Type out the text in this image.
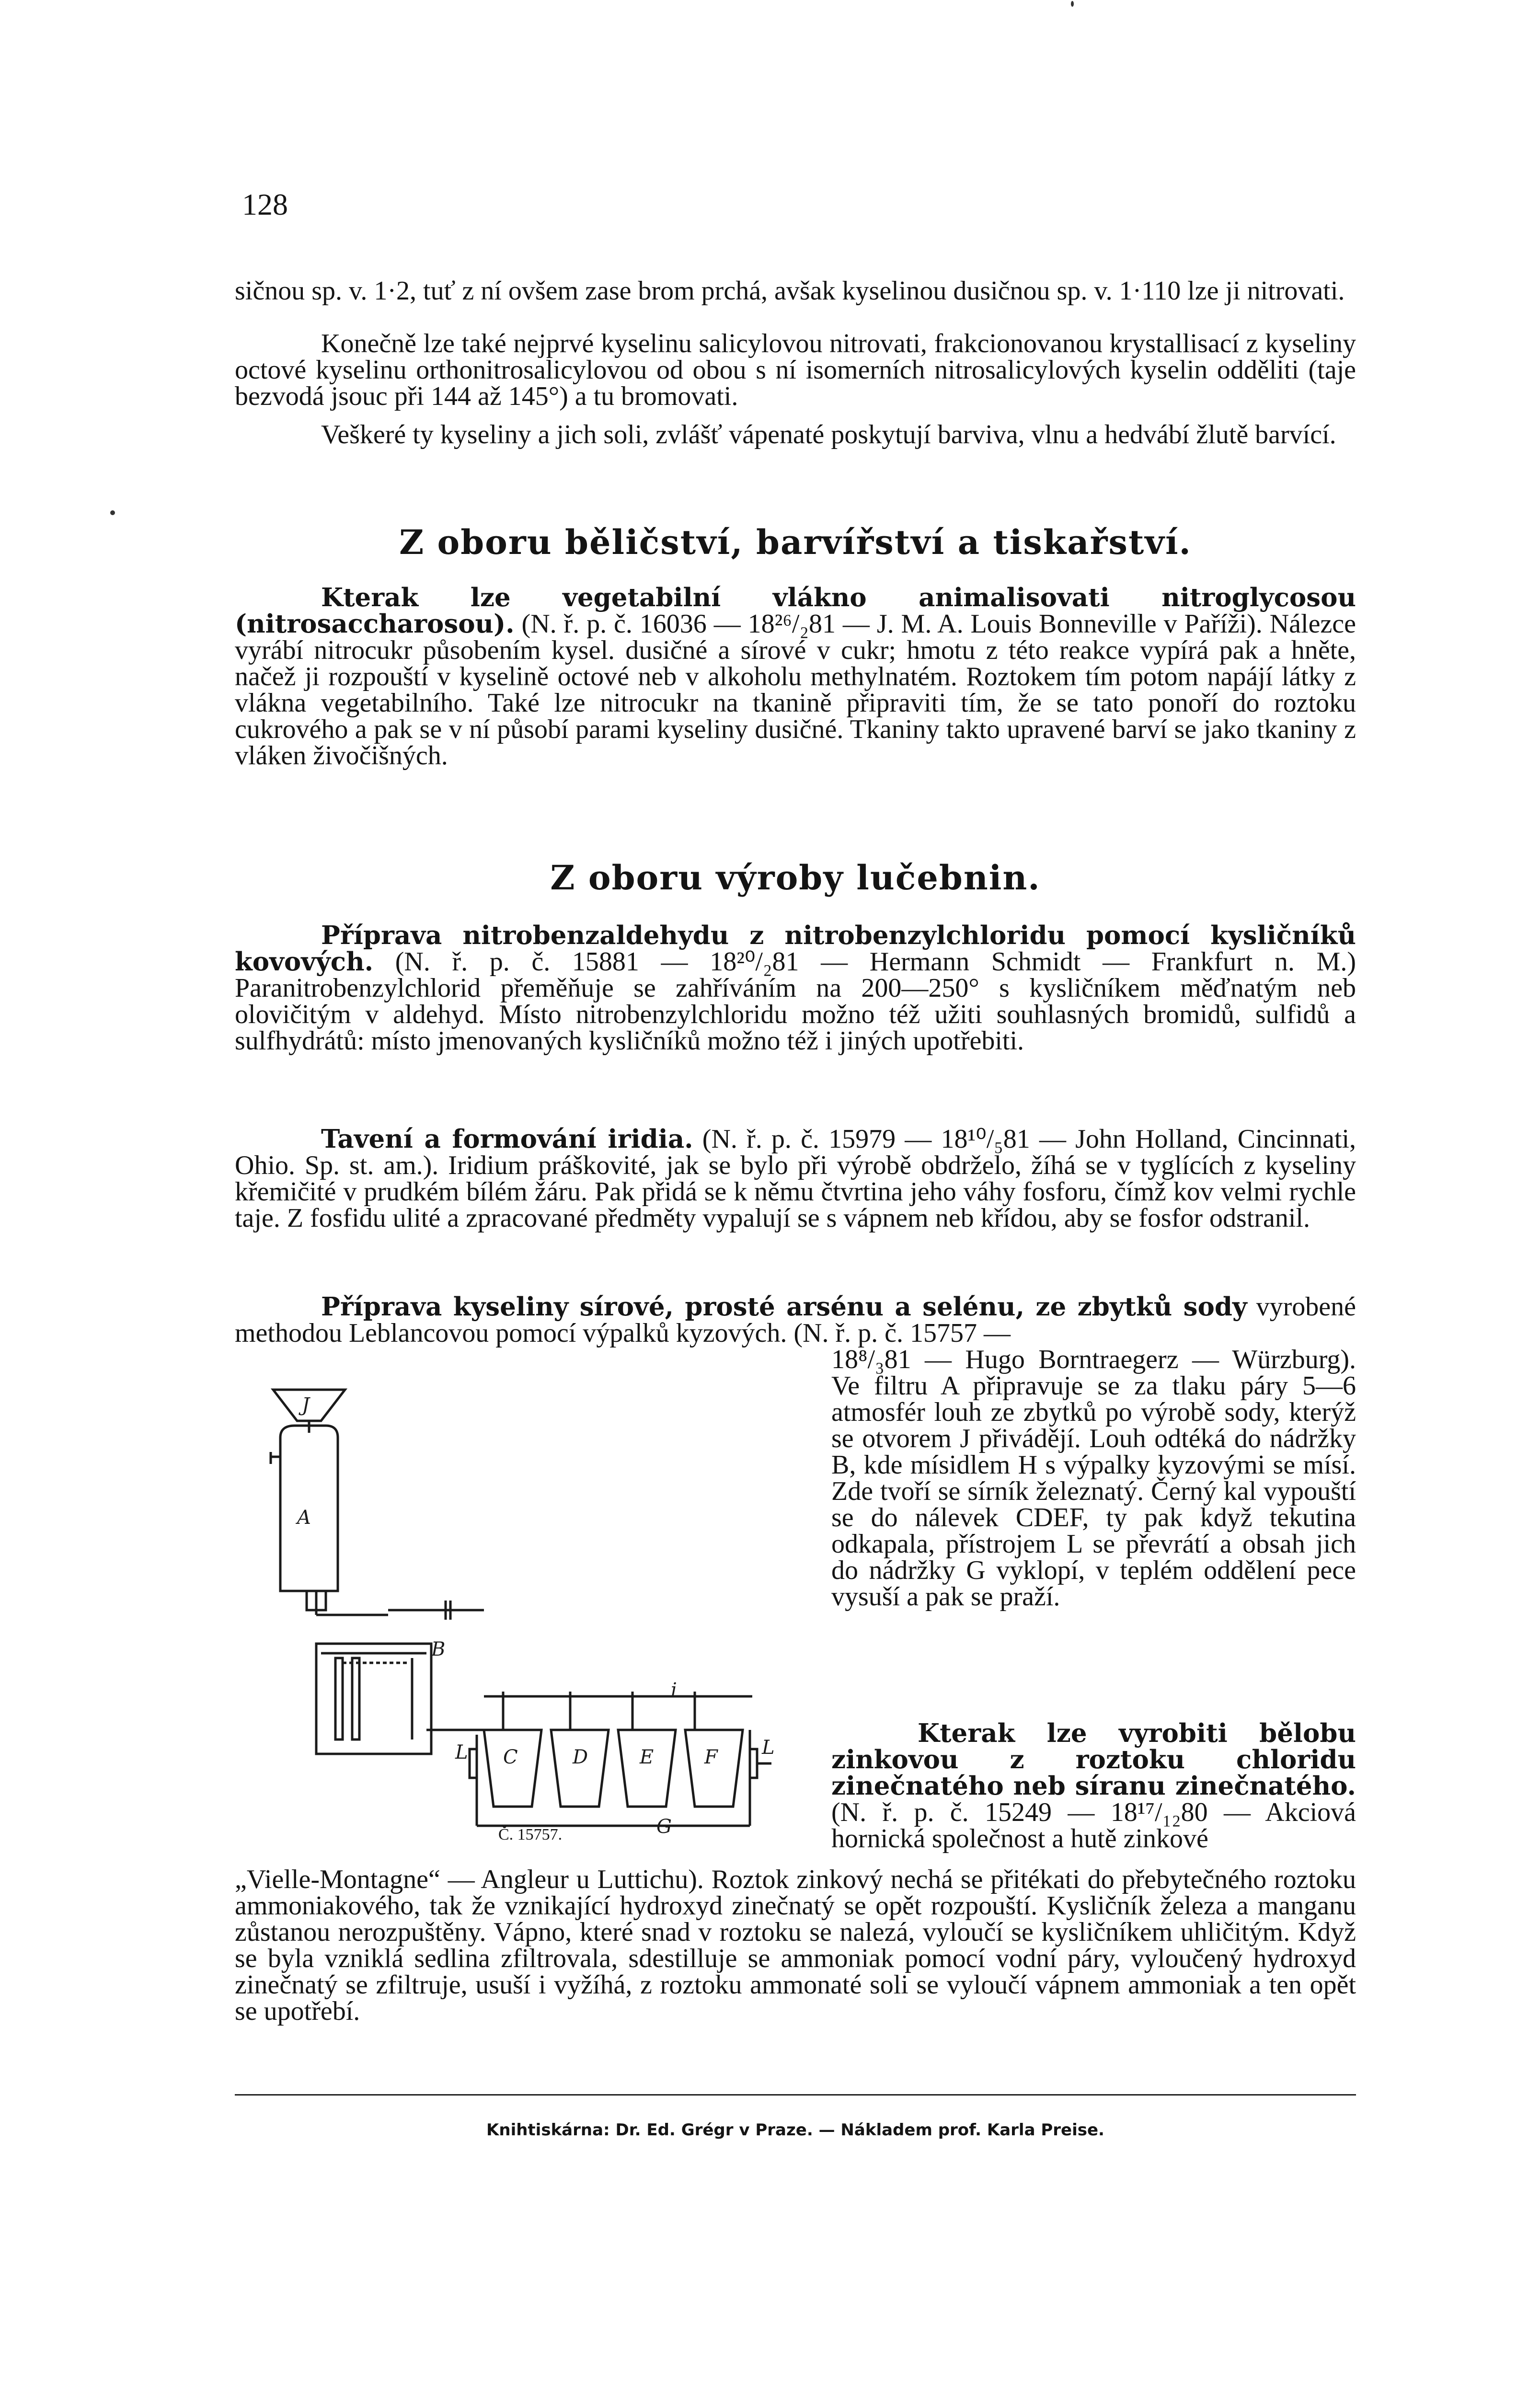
128

sičnou sp. v. 1·2, tuť z ní ovšem zase brom prchá, avšak kyselinou dusičnou sp. v. 1·110 lze ji nitrovati.

Konečně lze také nejprvé kyselinu salicylovou nitrovati, frakcionovanou krystallisací z kyseliny octové kyselinu orthonitrosalicylovou od obou s ní isomerních nitrosalicylových kyselin odděliti (taje bezvodá jsouc při 144 až 145°) a tu bromovati.

Veškeré ty kyseliny a jich soli, zvlášť vápenaté poskytují barviva, vlnu a hedvábí žlutě barvící.

Z oboru běličství, barvířství a tiskařství.

Kterak lze vegetabilní vlákno animalisovati nitroglycosou (nitrosaccharosou). (N. ř. p. č. 16036 — 18²⁶/₂81 — J. M. A. Louis Bonneville v Paříži). Nálezce vyrábí nitrocukr působením kysel. dusičné a sírové v cukr; hmotu z této reakce vypírá pak a hněte, načež ji rozpouští v kyselině octové neb v alkoholu methylnatém. Roztokem tím potom napájí látky z vlákna vegetabilního. Také lze nitrocukr na tkanině připraviti tím, že se tato ponoří do roztoku cukrového a pak se v ní působí parami kyseliny dusičné. Tkaniny takto upravené barví se jako tkaniny z vláken živočišných.

Z oboru výroby lučebnin.

Příprava nitrobenzaldehydu z nitrobenzylchloridu pomocí kysličníků kovových. (N. ř. p. č. 15881 — 18²⁰/₂81 — Hermann Schmidt — Frankfurt n. M.) Paranitrobenzylchlorid přeměňuje se zahříváním na 200—250° s kysličníkem měďnatým neb olovičitým v aldehyd. Místo nitrobenzylchloridu možno též užiti souhlasných bromidů, sulfidů a sulfhydrátů: místo jmenovaných kysličníků možno též i jiných upotřebiti.

Tavení a formování iridia. (N. ř. p. č. 15979 — 18¹⁰/₅81 — John Holland, Cincinnati, Ohio. Sp. st. am.). Iridium práškovité, jak se bylo při výrobě obdrželo, žíhá se v tyglících z kyseliny křemičité v prudkém bílém žáru. Pak přidá se k němu čtvrtina jeho váhy fosforu, čímž kov velmi rychle taje. Z fosfidu ulité a zpracované předměty vypalují se s vápnem neb křídou, aby se fosfor odstranil.

Příprava kyseliny sírové, prosté arsénu a selénu, ze zbytků sody vyrobené methodou Leblancovou pomocí výpalků kyzových. (N. ř. p. č. 15757 —

18⁸/₃81 — Hugo Borntraegerz — Würzburg). Ve filtru A připravuje se za tlaku páry 5—6 atmosfér louh ze zbytků po výrobě sody, kterýž se otvorem J přivádějí. Louh odtéká do nádržky B, kde mísidlem H s výpalky kyzovými se mísí. Zde tvoří se sírník železnatý. Černý kal vypouští se do nálevek CDEF, ty pak když tekutina odkapala, přístrojem L se převrátí a obsah jich do nádržky G vyklopí, v teplém oddělení pece vysuší a pak se praží.

J
A
B
i
L	L
C	D	E	F
G
Č. 15757.

Kterak lze vyrobiti bělobu zinkovou z roztoku chloridu zinečnatého neb síranu zinečnatého. (N. ř. p. č. 15249 — 18¹⁷/₁₂80 — Akciová hornická společnost a hutě zinkové

„Vielle-Montagne“ — Angleur u Luttichu). Roztok zinkový nechá se přitékati do přebytečného roztoku ammoniakového, tak že vznikající hydroxyd zinečnatý se opět rozpouští. Kysličník železa a manganu zůstanou nerozpuštěny. Vápno, které snad v roztoku se nalezá, vyloučí se kysličníkem uhličitým. Když se byla vzniklá sedlina zfiltrovala, sdestilluje se ammoniak pomocí vodní páry, vyloučený hydroxyd zinečnatý se zfiltruje, usuší i vyžíhá, z roztoku ammonaté soli se vyloučí vápnem ammoniak a ten opět se upotřebí.

Knihtiskárna: Dr. Ed. Grégr v Praze. — Nákladem prof. Karla Preise.
